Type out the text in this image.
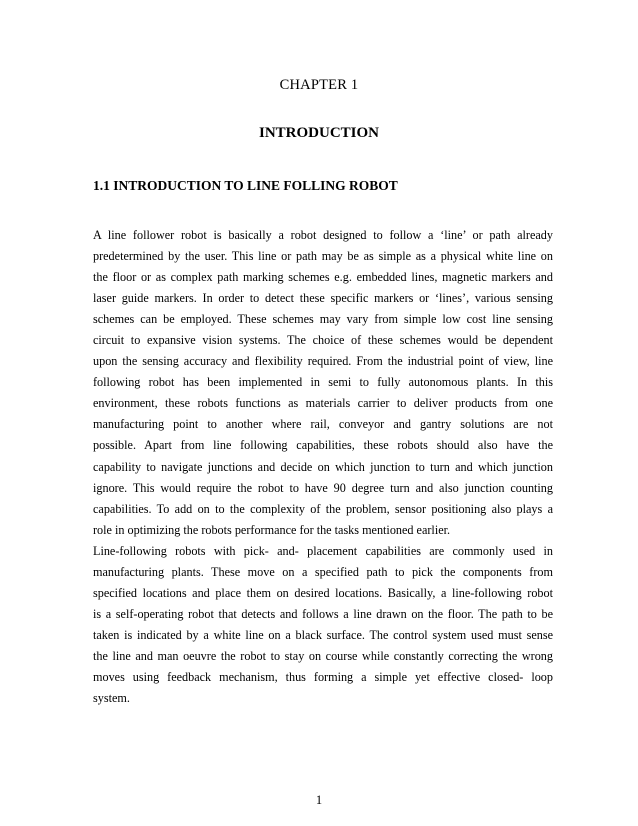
CHAPTER 1
INTRODUCTION
1.1 INTRODUCTION TO LINE FOLLING ROBOT
A line follower robot is basically a robot designed to follow a ‘line’ or path already
predetermined by the user. This line or path may be as simple as a physical white line on
the floor or as complex path marking schemes e.g. embedded lines, magnetic markers and
laser guide markers. In order to detect these specific markers or ‘lines’, various sensing
schemes can be employed. These schemes may vary from simple low cost line sensing
circuit to expansive vision systems. The choice of these schemes would be dependent
upon the sensing accuracy and flexibility required. From the industrial point of view, line
following robot has been implemented in semi to fully autonomous plants. In this
environment, these robots functions as materials carrier to deliver products from one
manufacturing point to another where rail, conveyor and gantry solutions are not
possible. Apart from line following capabilities, these robots should also have the
capability to navigate junctions and decide on which junction to turn and which junction
ignore. This would require the robot to have 90 degree turn and also junction counting
capabilities. To add on to the complexity of the problem, sensor positioning also plays a
role in optimizing the robots performance for the tasks mentioned earlier.
Line-following robots with pick- and- placement capabilities are commonly used in
manufacturing plants. These move on a specified path to pick the components from
specified locations and place them on desired locations. Basically, a line-following robot
is a self-operating robot that detects and follows a line drawn on the floor. The path to be
taken is indicated by a white line on a black surface. The control system used must sense
the line and man oeuvre the robot to stay on course while constantly correcting the wrong
moves using feedback mechanism, thus forming a simple yet effective closed- loop
system.
1
